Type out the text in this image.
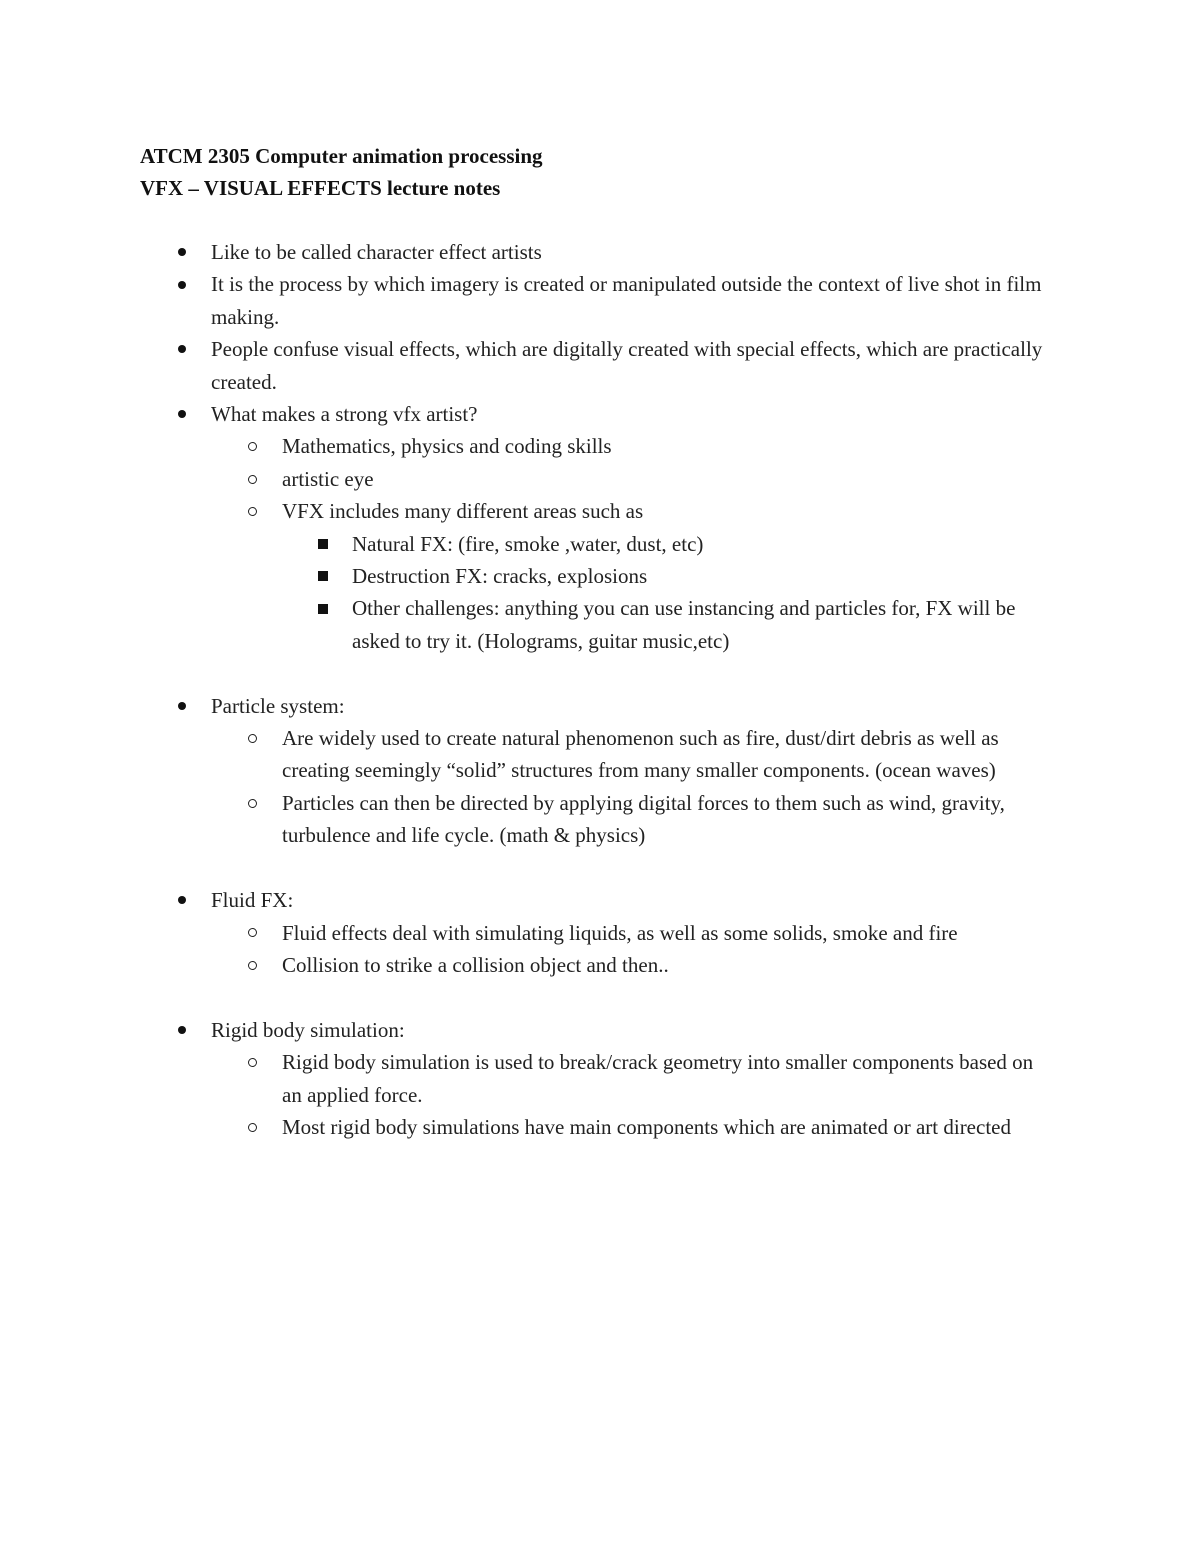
ATCM 2305 Computer animation processing
VFX – VISUAL EFFECTS lecture notes
Like to be called character effect artists
It is the process by which imagery is created or manipulated outside the context of live shot in film making.
People confuse visual effects, which are digitally created with special effects, which are practically created.
What makes a strong vfx artist?
Mathematics, physics and coding skills
artistic eye
VFX includes many different areas such as
Natural FX: (fire, smoke ,water, dust, etc)
Destruction FX: cracks, explosions
Other challenges: anything you can use instancing and particles for, FX will be asked to try it. (Holograms, guitar music,etc)
Particle system:
Are widely used to create natural phenomenon such as fire, dust/dirt debris as well as creating seemingly “solid” structures from many smaller components. (ocean waves)
Particles can then be directed by applying digital forces to them such as wind, gravity, turbulence and life cycle. (math & physics)
Fluid FX:
Fluid effects deal with simulating liquids, as well as some solids, smoke and fire
Collision to strike a collision object and then..
Rigid body simulation:
Rigid body simulation is used to break/crack geometry into smaller components based on an applied force.
Most rigid body simulations have main components which are animated or art directed
